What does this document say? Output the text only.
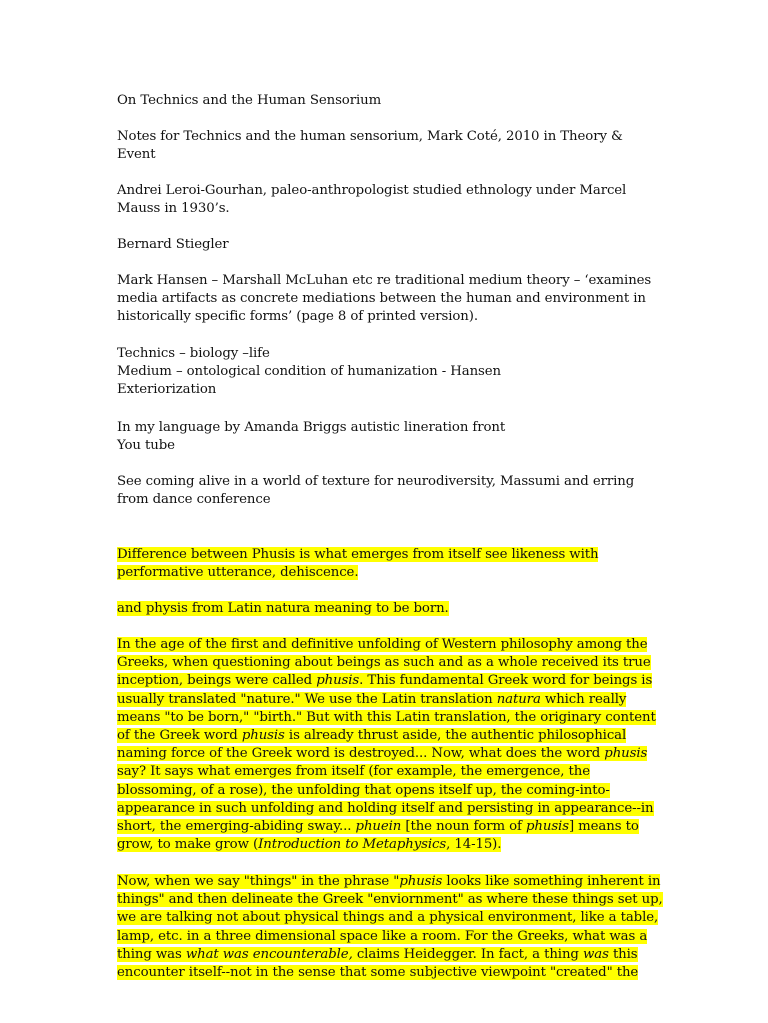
On Technics and the Human Sensorium

Notes for Technics and the human sensorium, Mark Coté, 2010 in Theory &
Event

Andrei Leroi-Gourhan, paleo-anthropologist studied ethnology under Marcel
Mauss in 1930’s.

Bernard Stiegler

Mark Hansen – Marshall McLuhan etc re traditional medium theory – ‘examines
media artifacts as concrete mediations between the human and environment in
historically specific forms’ (page 8 of printed version).

Technics – biology –life
Medium – ontological condition of humanization - Hansen
Exteriorization

In my language by Amanda Briggs autistic lineration front
You tube

See coming alive in a world of texture for neurodiversity, Massumi and erring
from dance conference

Difference between Phusis is what emerges from itself see likeness with
performative utterance, dehiscence.

and physis from Latin natura meaning to be born.

In the age of the first and definitive unfolding of Western philosophy among the
Greeks, when questioning about beings as such and as a whole received its true
inception, beings were called phusis. This fundamental Greek word for beings is
usually translated "nature." We use the Latin translation natura which really
means "to be born," "birth." But with this Latin translation, the originary content
of the Greek word phusis is already thrust aside, the authentic philosophical
naming force of the Greek word is destroyed... Now, what does the word phusis
say? It says what emerges from itself (for example, the emergence, the
blossoming, of a rose), the unfolding that opens itself up, the coming-into-
appearance in such unfolding and holding itself and persisting in appearance--in
short, the emerging-abiding sway... phuein [the noun form of phusis] means to
grow, to make grow (Introduction to Metaphysics, 14-15).

Now, when we say "things" in the phrase "phusis looks like something inherent in
things" and then delineate the Greek "enviornment" as where these things set up,
we are talking not about physical things and a physical environment, like a table,
lamp, etc. in a three dimensional space like a room. For the Greeks, what was a
thing was what was encounterable, claims Heidegger. In fact, a thing was this
encounter itself--not in the sense that some subjective viewpoint "created" the
